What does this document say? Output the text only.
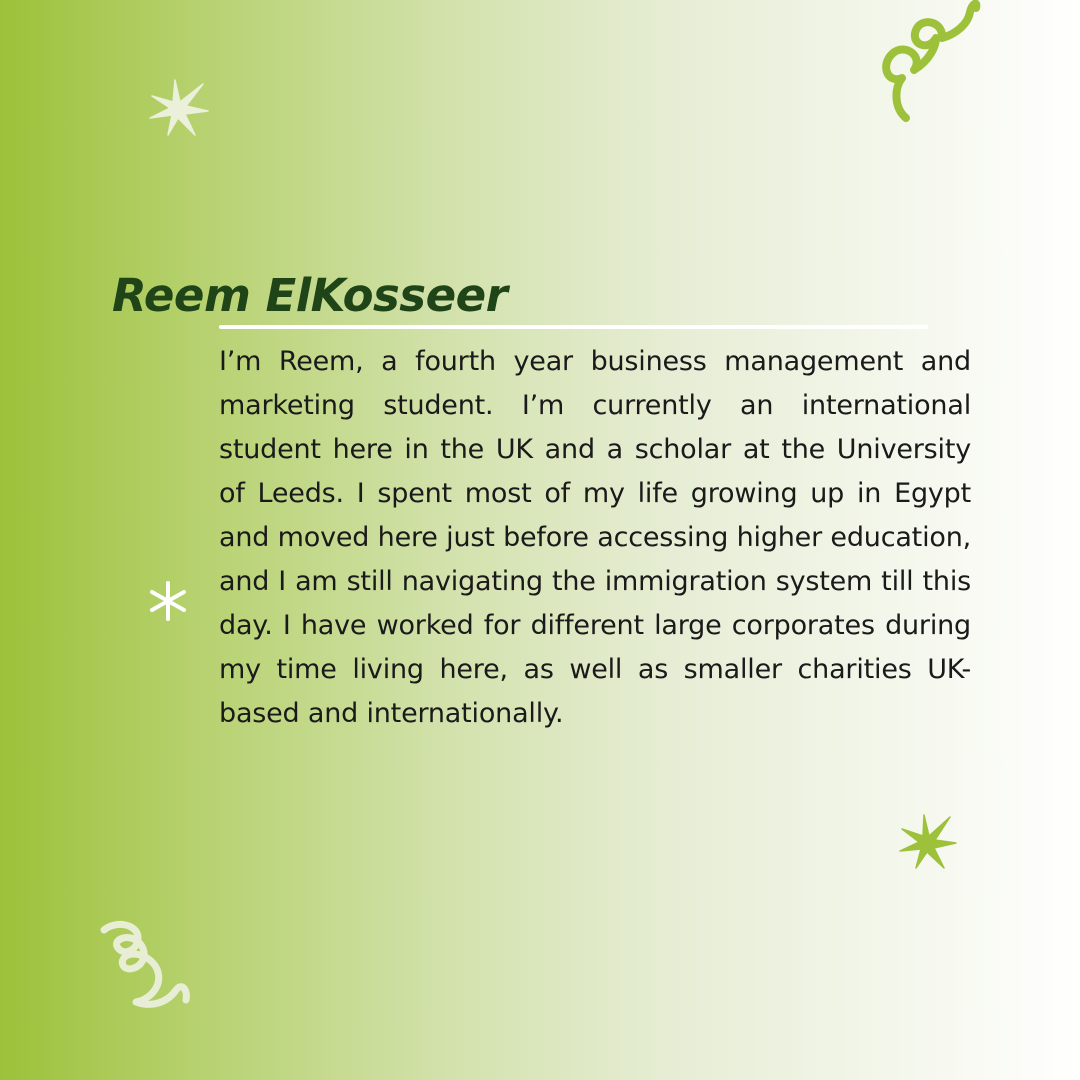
Reem ElKosseer

I’m Reem, a fourth year business management and marketing student. I’m currently an international student here in the UK and a scholar at the University of Leeds. I spent most of my life growing up in Egypt and moved here just before accessing higher education, and I am still navigating the immigration system till this day. I have worked for different large corporates during my time living here, as well as smaller charities UK-based and internationally.
